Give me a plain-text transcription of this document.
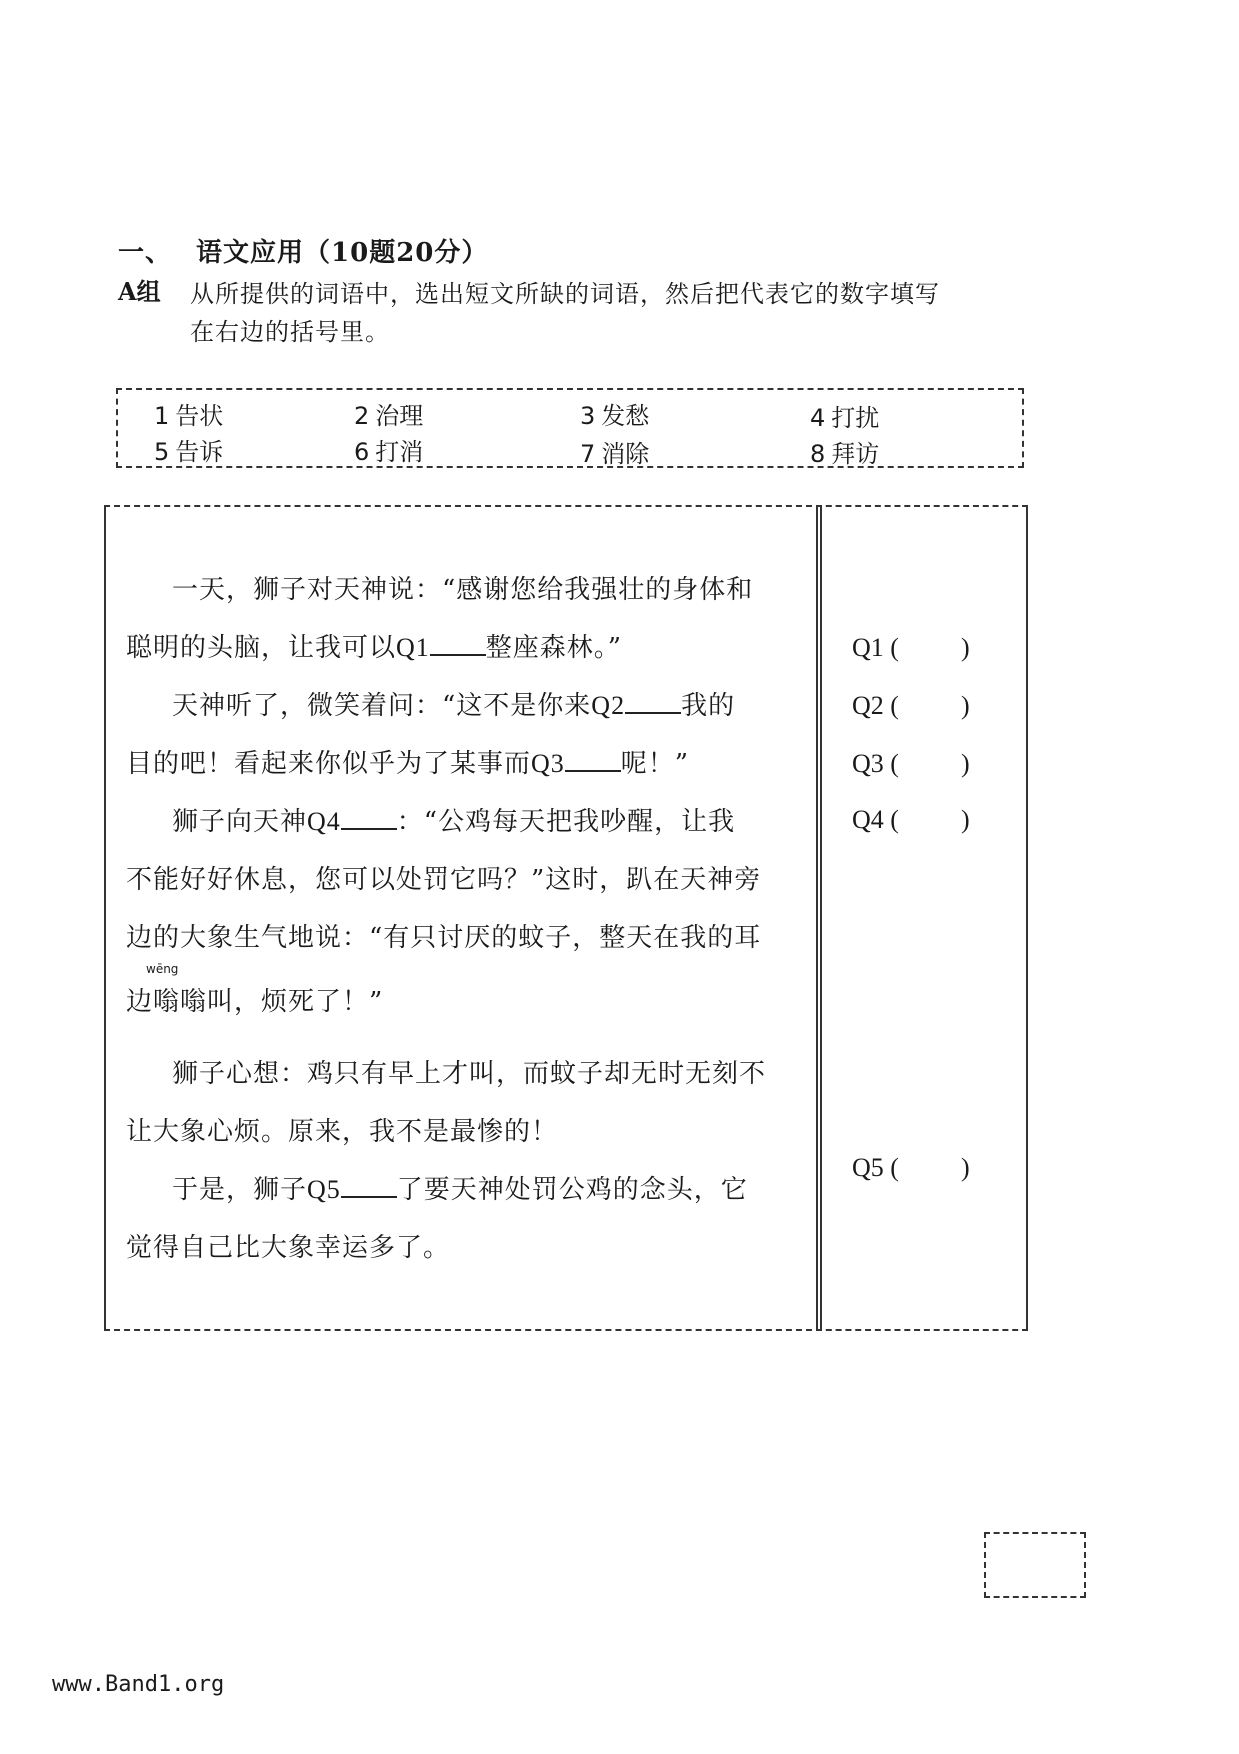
一、 语文应用（10题20分）
A组 从所提供的词语中，选出短文所缺的词语，然后把代表它的数字填写
在右边的括号里。
1 告状	2 治理	3 发愁	4 打扰
5 告诉	6 打消	7 消除	8 拜访
一天，狮子对天神说：“感谢您给我强壮的身体和
聪明的头脑，让我可以Q1 整座森林。”
天神听了，微笑着问：“这不是你来Q2 我的
目的吧！看起来你似乎为了某事而Q3 呢！”
狮子向天神Q4 ：“公鸡每天把我吵醒，让我
不能好好休息，您可以处罚它吗？”这时，趴在天神旁
边的大象生气地说：“有只讨厌的蚊子，整天在我的耳
边嗡嗡叫，烦死了！”
狮子心想：鸡只有早上才叫，而蚊子却无时无刻不
让大象心烦。原来，我不是最惨的！
于是，狮子Q5 了要天神处罚公鸡的念头，它
觉得自己比大象幸运多了。
wēng
Q1 ( )
Q2 ( )
Q3 ( )
Q4 ( )
Q5 ( )
www.Band1.org
